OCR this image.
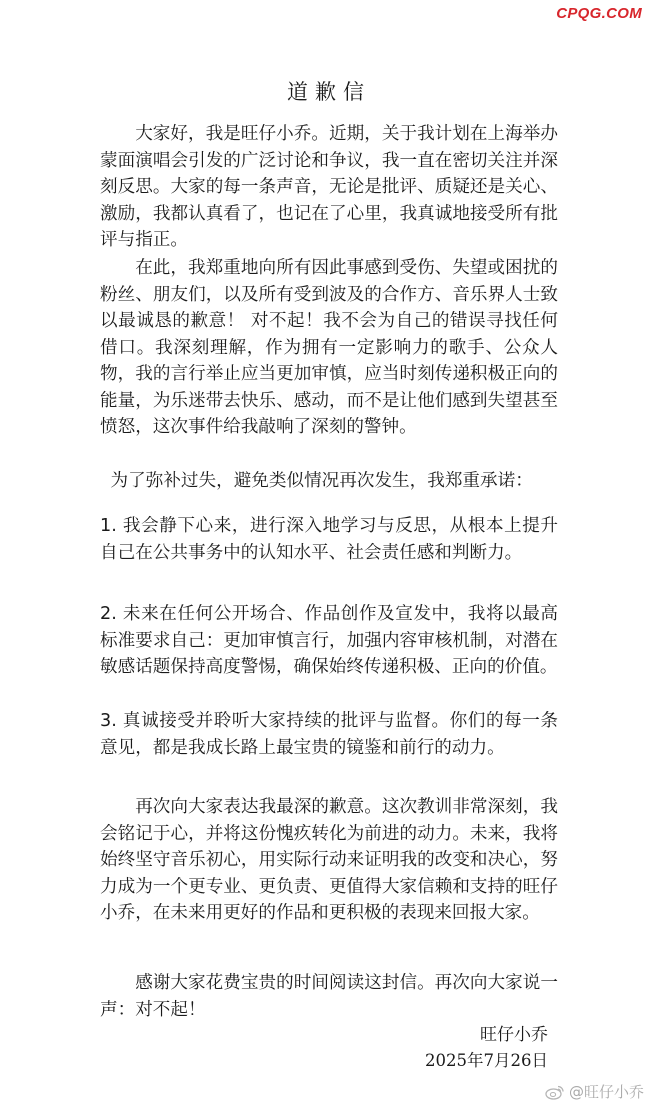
CPQG.COM
道歉信

大家好，我是旺仔小乔。近期，关于我计划在上海举办蒙面演唱会引发的广泛讨论和争议，我一直在密切关注并深刻反思。大家的每一条声音，无论是批评、质疑还是关心、激励，我都认真看了，也记在了心里，我真诚地接受所有批评与指正。

在此，我郑重地向所有因此事感到受伤、失望或困扰的粉丝、朋友们，以及所有受到波及的合作方、音乐界人士致以最诚恳的歉意！ 对不起！我不会为自己的错误寻找任何借口。我深刻理解，作为拥有一定影响力的歌手、公众人物，我的言行举止应当更加审慎，应当时刻传递积极正向的能量，为乐迷带去快乐、感动，而不是让他们感到失望甚至愤怒，这次事件给我敲响了深刻的警钟。

为了弥补过失，避免类似情况再次发生，我郑重承诺：

1. 我会静下心来，进行深入地学习与反思，从根本上提升自己在公共事务中的认知水平、社会责任感和判断力。

2. 未来在任何公开场合、作品创作及宣发中，我将以最高标准要求自己：更加审慎言行，加强内容审核机制，对潜在敏感话题保持高度警惕，确保始终传递积极、正向的价值。

3. 真诚接受并聆听大家持续的批评与监督。你们的每一条意见，都是我成长路上最宝贵的镜鉴和前行的动力。

再次向大家表达我最深的歉意。这次教训非常深刻，我会铭记于心，并将这份愧疚转化为前进的动力。未来，我将始终坚守音乐初心，用实际行动来证明我的改变和决心，努力成为一个更专业、更负责、更值得大家信赖和支持的旺仔小乔，在未来用更好的作品和更积极的表现来回报大家。

感谢大家花费宝贵的时间阅读这封信。再次向大家说一声：对不起！

旺仔小乔
2025年7月26日
@旺仔小乔
